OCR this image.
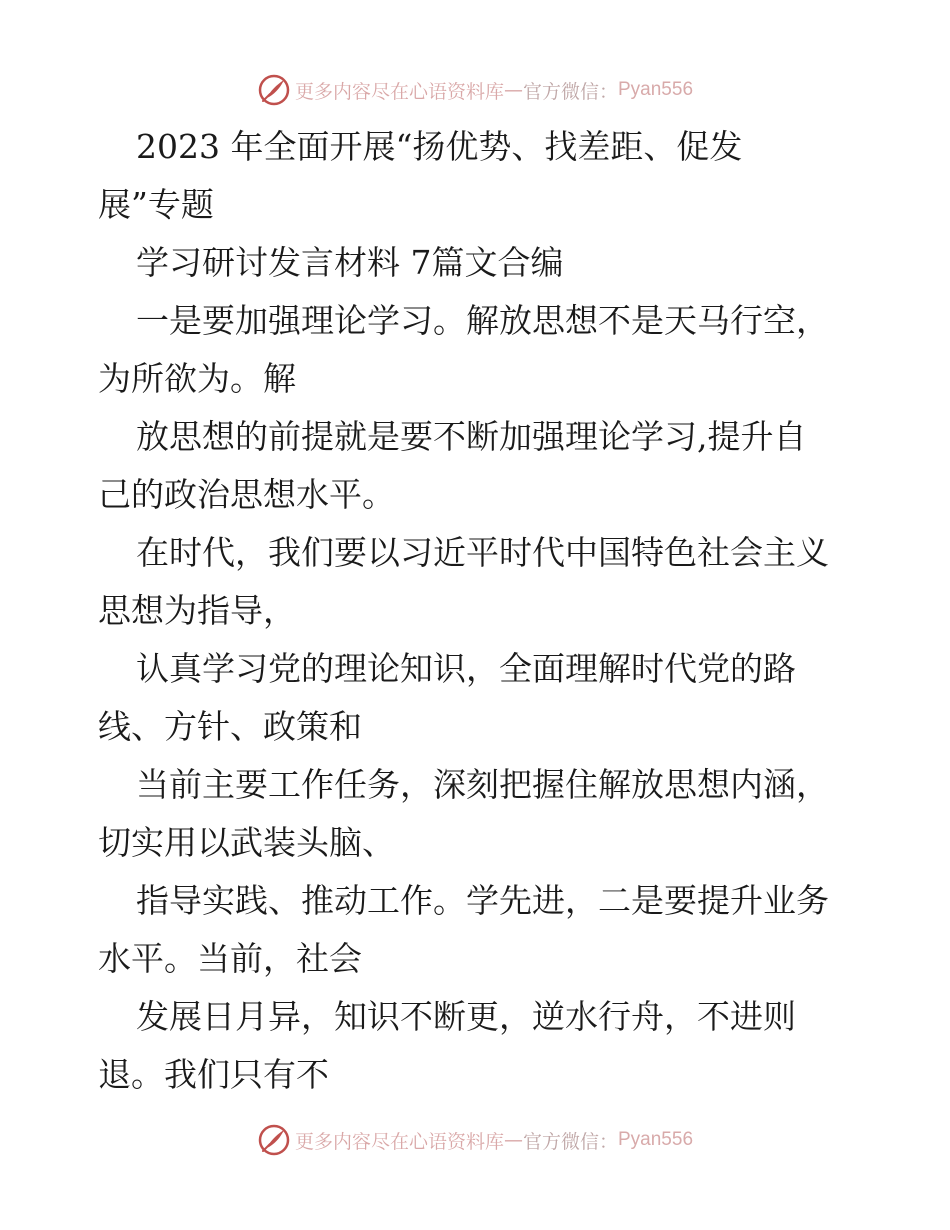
更多内容尽在心语资料库 — 官方微信： Pyan556
2023 年全面开展“扬优势、找差距、促发
展”专题
学习研讨发言材料 7篇文合编
一是要加强理论学习。解放思想不是天马行空，
为所欲为。解
放思想的前提就是要不断加强理论学习,提升自
己的政治思想水平。
在时代，我们要以习近平时代中国特色社会主义
思想为指导，
认真学习党的理论知识，全面理解时代党的路
线、方针、政策和
当前主要工作任务，深刻把握住解放思想内涵，
切实用以武装头脑、
指导实践、推动工作。学先进，二是要提升业务
水平。当前，社会
发展日月异，知识不断更，逆水行舟，不进则
退。我们只有不
更多内容尽在心语资料库 — 官方微信： Pyan556
